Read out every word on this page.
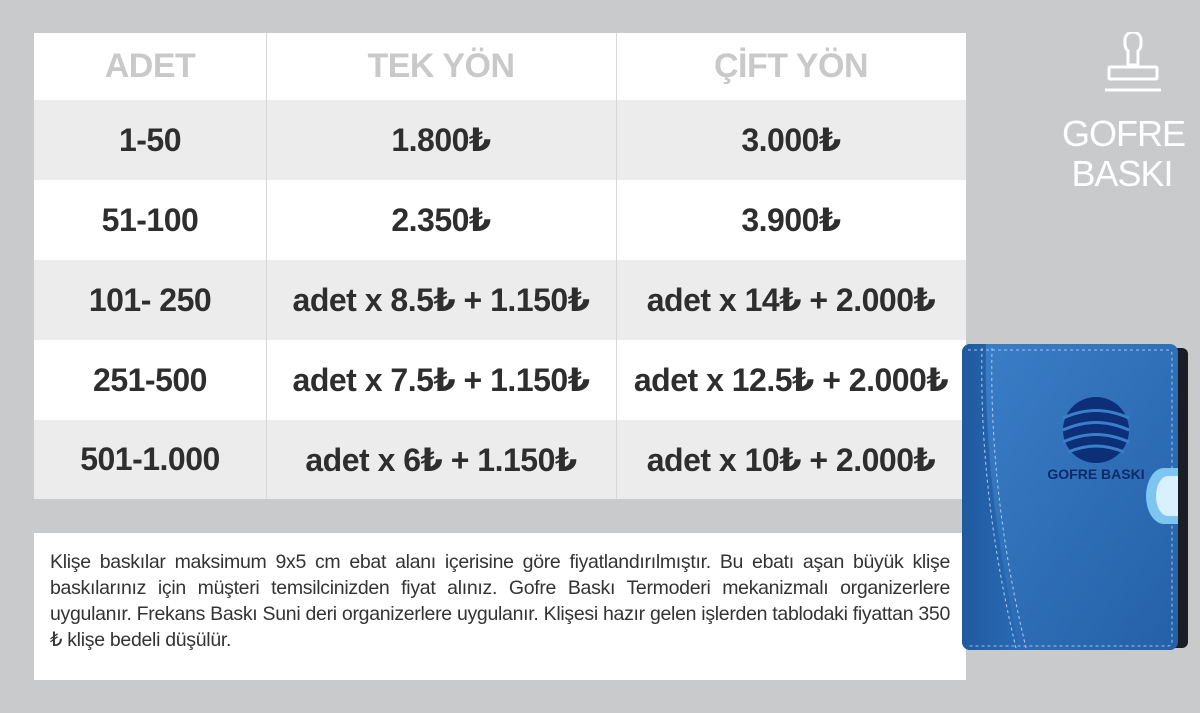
ADET	TEK YÖN	ÇİFT YÖN
1-50	1.800₺	3.000₺
51-100	2.350₺	3.900₺
101- 250	adet x 8.5₺ + 1.150₺	adet x 14₺ + 2.000₺
251-500	adet x 7.5₺ + 1.150₺	adet x 12.5₺ + 2.000₺
501-1.000	adet x 6₺ + 1.150₺	adet x 10₺ + 2.000₺

Klişe baskılar maksimum 9x5 cm ebat alanı içerisine göre fiyatlandırılmıştır. Bu ebatı aşan büyük klişe baskılarınız için müşteri temsilcinizden fiyat alınız. Gofre Baskı Termoderi mekanizmalı organizerlere uygulanır. Frekans Baskı Suni deri organizerlere uygulanır. Klişesi hazır gelen işlerden tablodaki fiyattan 350 ₺ klişe bedeli düşülür.

GOFRE
BASKI
GOFRE BASKI
